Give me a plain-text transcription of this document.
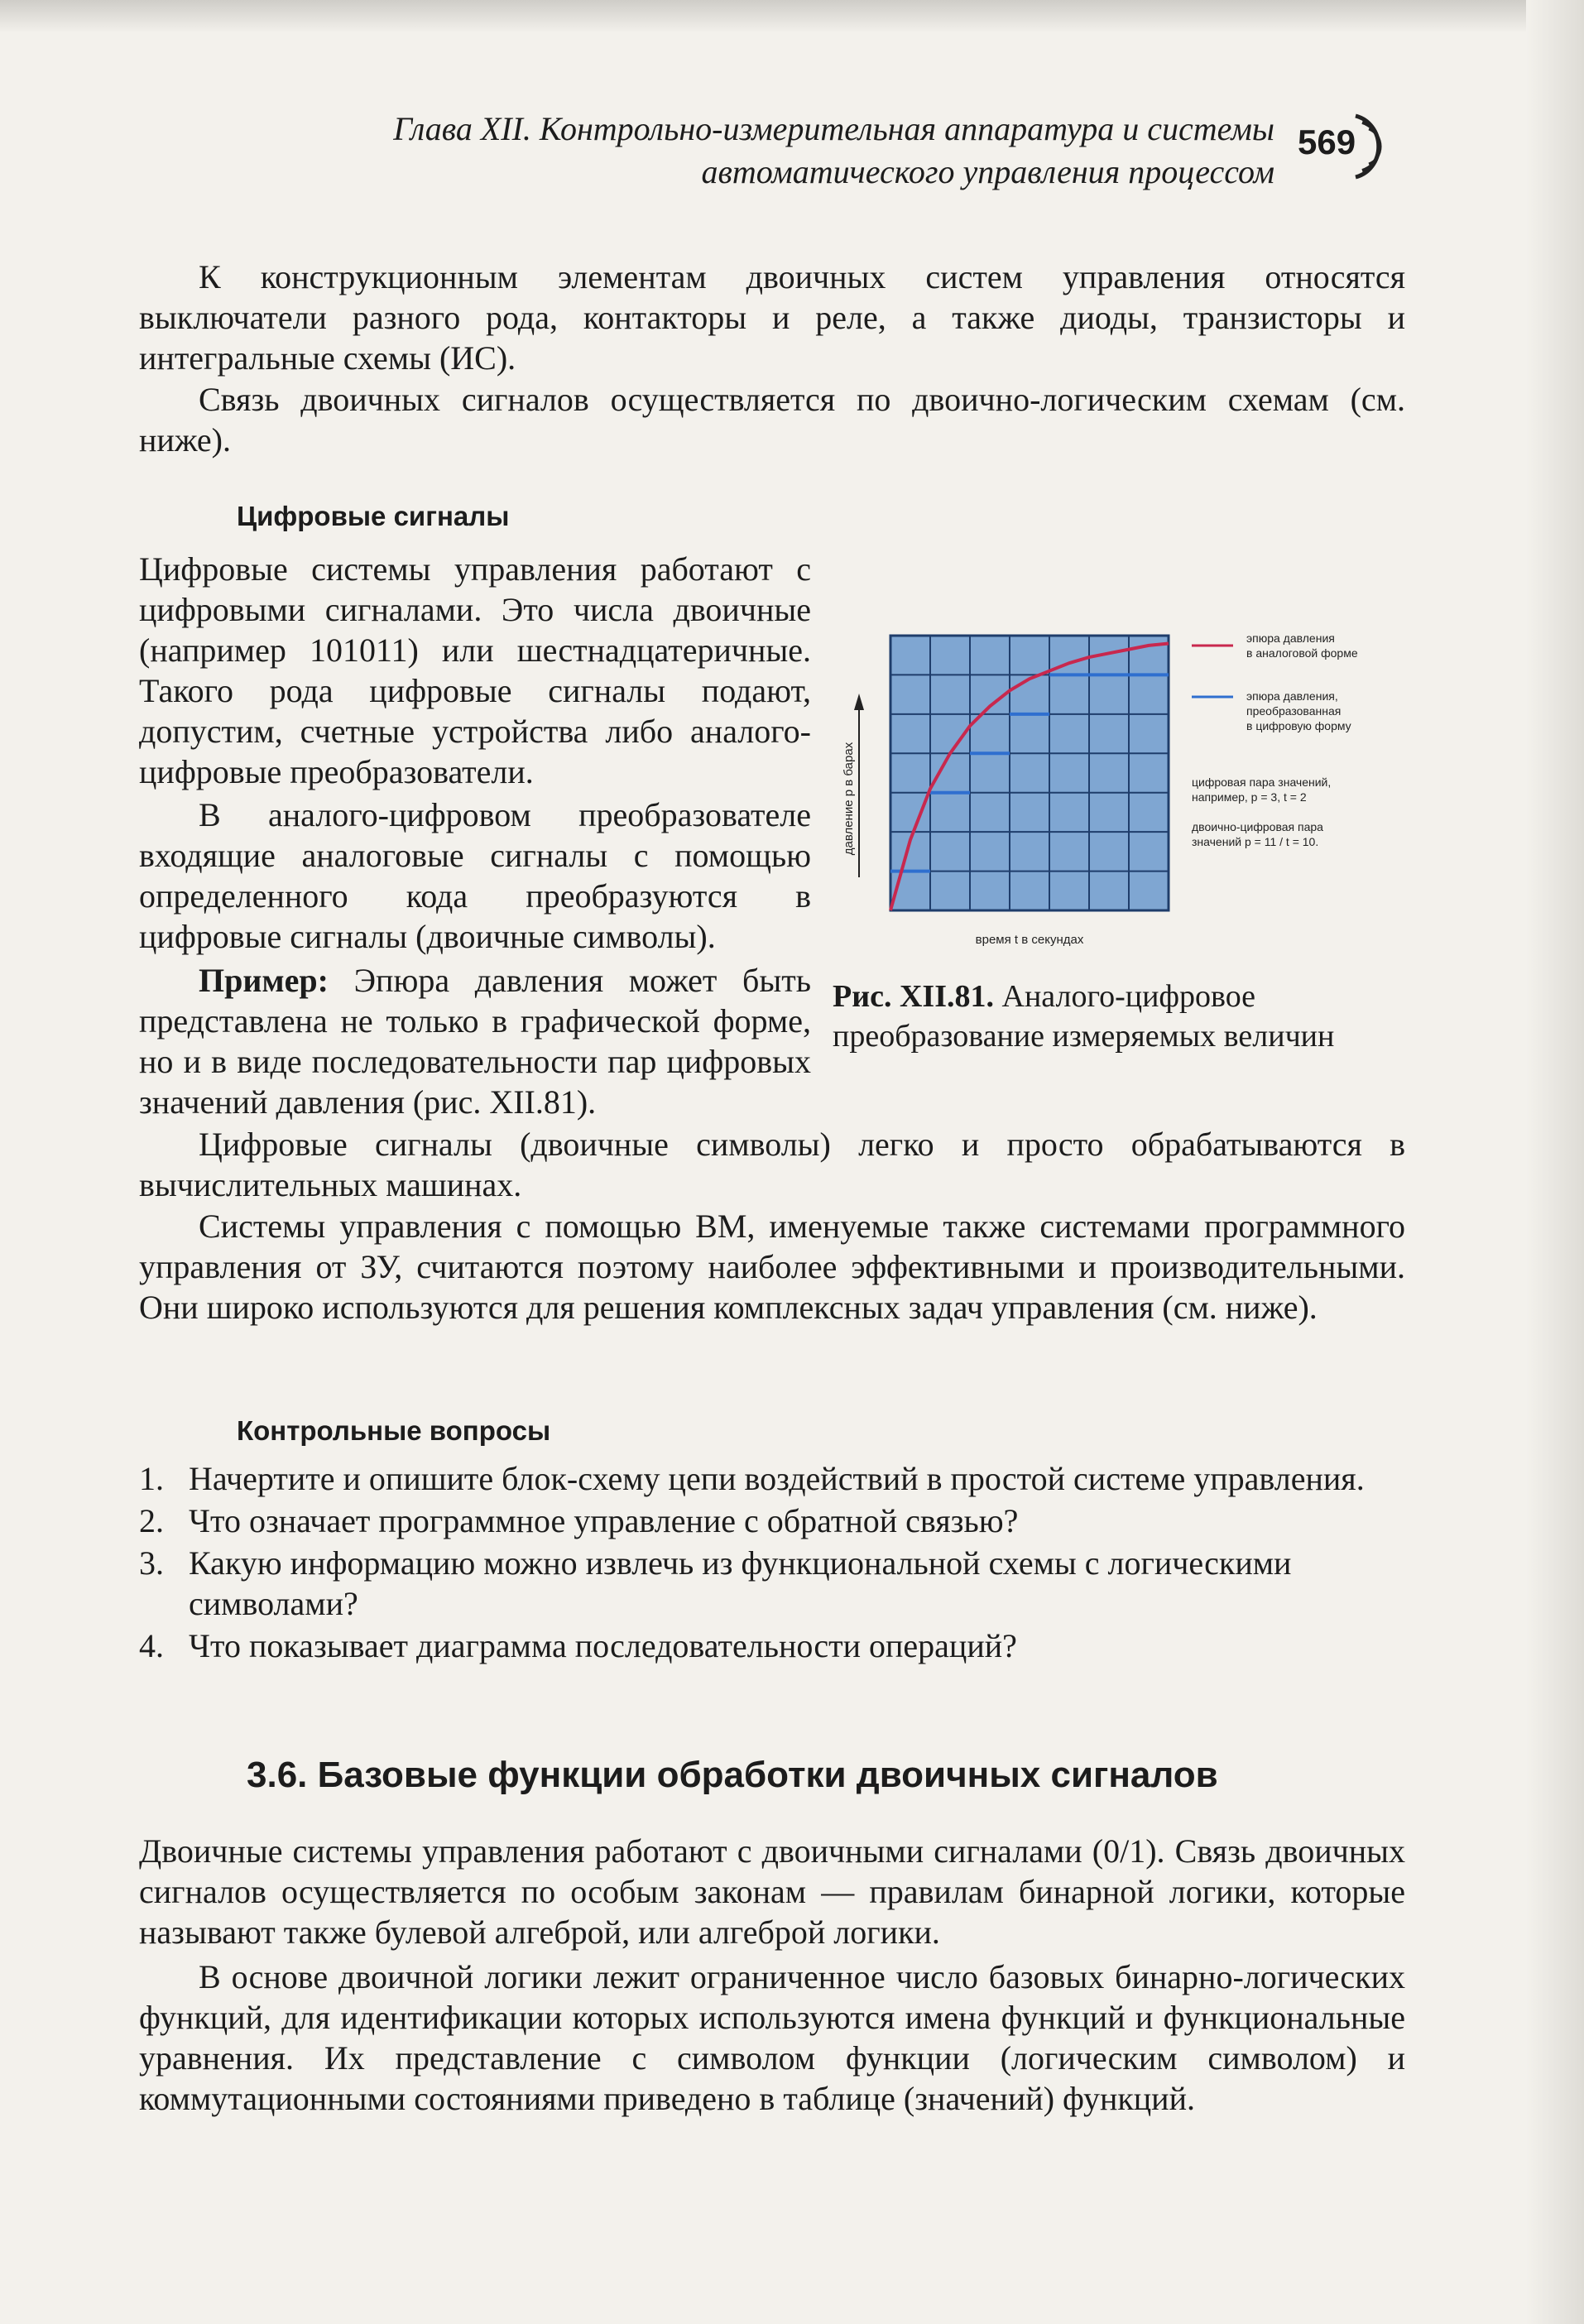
Глава XII. Контрольно-измерительная аппаратура и системы
автоматического управления процессом
569

К конструкционным элементам двоичных систем управления относятся выключатели разного рода, контакторы и реле, а также диоды, транзисторы и интегральные схемы (ИС).

Связь двоичных сигналов осуществляется по двоично-логическим схемам (см. ниже).

Цифровые сигналы

Цифровые системы управления работают с цифровыми сигналами. Это числа двоичные (например 101011) или шестнадцатеричные. Такого рода цифровые сигналы подают, допустим, счетные устройства либо аналого-цифровые преобразователи.

В аналого-цифровом преобразователе входящие аналоговые сигналы с помощью определенного кода преобразуются в цифровые сигналы (двоичные символы).

Пример: Эпюра давления может быть представлена не только в графической форме, но и в виде последовательности пар цифровых значений давления (рис. XII.81).

давление p в барах
время t в секундах
эпюра давления
в аналоговой форме
эпюра давления,
преобразованная
в цифровую форму
цифровая пара значений,
например, p = 3, t = 2
двоично-цифровая пара
значений p = 11 / t = 10.
Рис. XII.81. Аналого-цифровое преобразование измеряемых величин

Цифровые сигналы (двоичные символы) легко и просто обрабатываются в вычислительных машинах.

Системы управления с помощью ВМ, именуемые также системами программного управления от ЗУ, считаются поэтому наиболее эффективными и производительными. Они широко используются для решения комплексных задач управления (см. ниже).

Контрольные вопросы
1. Начертите и опишите блок-схему цепи воздействий в простой системе управления.
2. Что означает программное управление с обратной связью?
3. Какую информацию можно извлечь из функциональной схемы с логическими символами?
4. Что показывает диаграмма последовательности операций?
3.6. Базовые функции обработки двоичных сигналов

Двоичные системы управления работают с двоичными сигналами (0/1). Связь двоичных сигналов осуществляется по особым законам — правилам бинарной логики, которые называют также булевой алгеброй, или алгеброй логики.

В основе двоичной логики лежит ограниченное число базовых бинарно-логических функций, для идентификации которых используются имена функций и функциональные уравнения. Их представление с символом функции (логическим символом) и коммутационными состояниями приведено в таблице (значений) функций.
